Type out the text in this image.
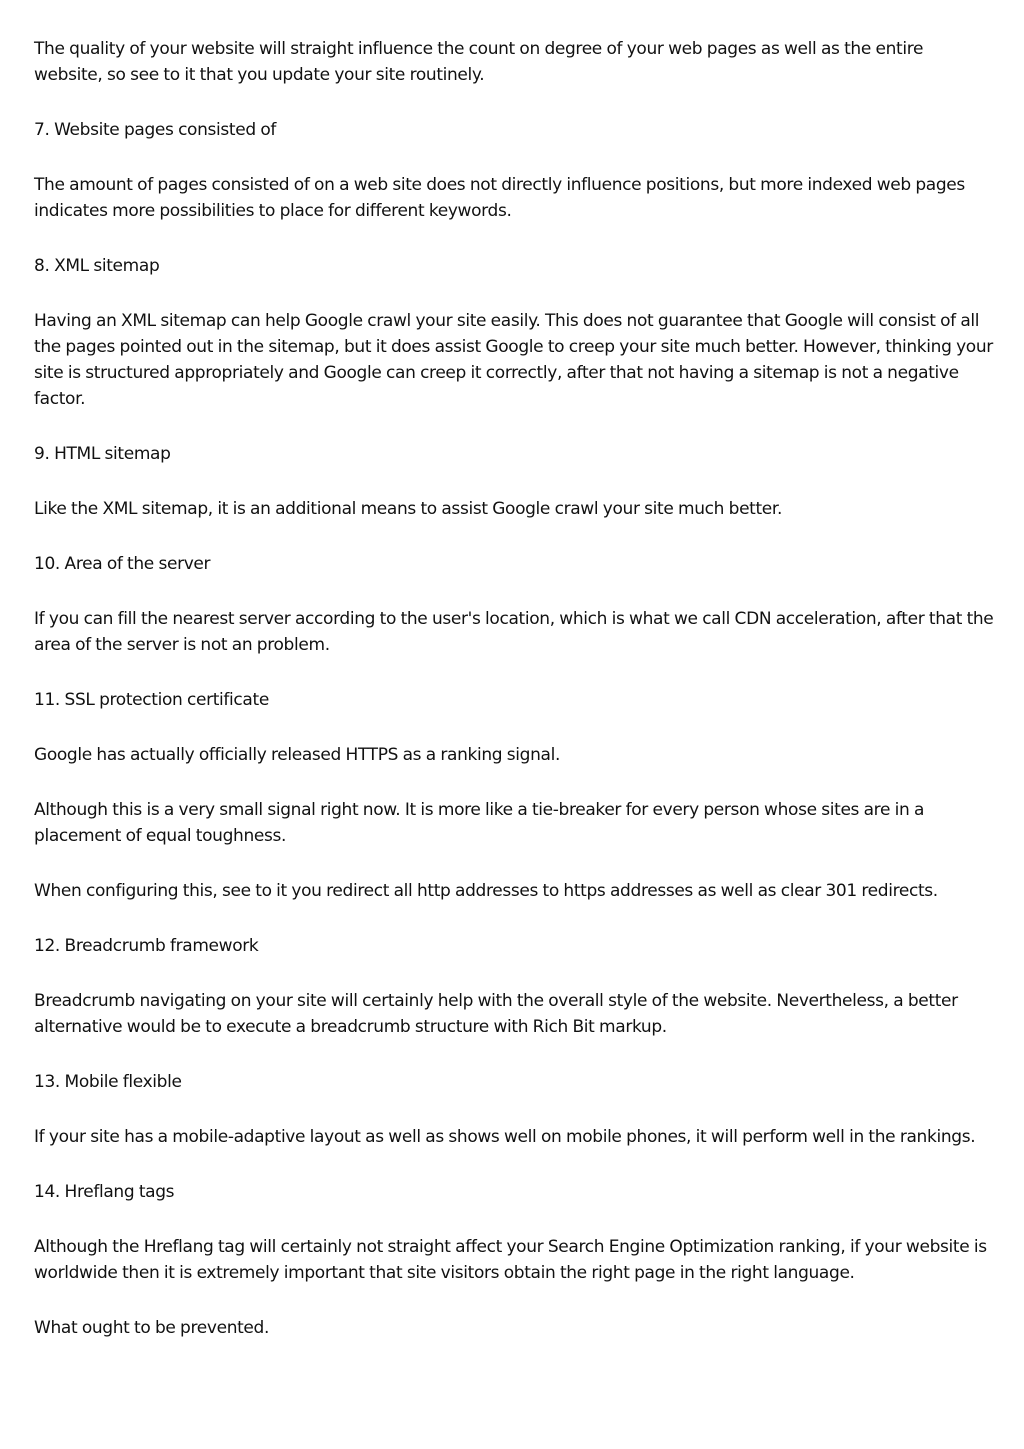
The quality of your website will straight influence the count on degree of your web pages as well as the entire website, so see to it that you update your site routinely.

7. Website pages consisted of

The amount of pages consisted of on a web site does not directly influence positions, but more indexed web pages indicates more possibilities to place for different keywords.

8. XML sitemap

Having an XML sitemap can help Google crawl your site easily. This does not guarantee that Google will consist of all the pages pointed out in the sitemap, but it does assist Google to creep your site much better. However, thinking your site is structured appropriately and Google can creep it correctly, after that not having a sitemap is not a negative factor.

9. HTML sitemap

Like the XML sitemap, it is an additional means to assist Google crawl your site much better.

10. Area of the server

If you can fill the nearest server according to the user's location, which is what we call CDN acceleration, after that the area of the server is not an problem.

11. SSL protection certificate

Google has actually officially released HTTPS as a ranking signal.

Although this is a very small signal right now. It is more like a tie-breaker for every person whose sites are in a placement of equal toughness.

When configuring this, see to it you redirect all http addresses to https addresses as well as clear 301 redirects.

12. Breadcrumb framework

Breadcrumb navigating on your site will certainly help with the overall style of the website. Nevertheless, a better alternative would be to execute a breadcrumb structure with Rich Bit markup.

13. Mobile flexible

If your site has a mobile-adaptive layout as well as shows well on mobile phones, it will perform well in the rankings.

14. Hreflang tags

Although the Hreflang tag will certainly not straight affect your Search Engine Optimization ranking, if your website is worldwide then it is extremely important that site visitors obtain the right page in the right language.

What ought to be prevented.
